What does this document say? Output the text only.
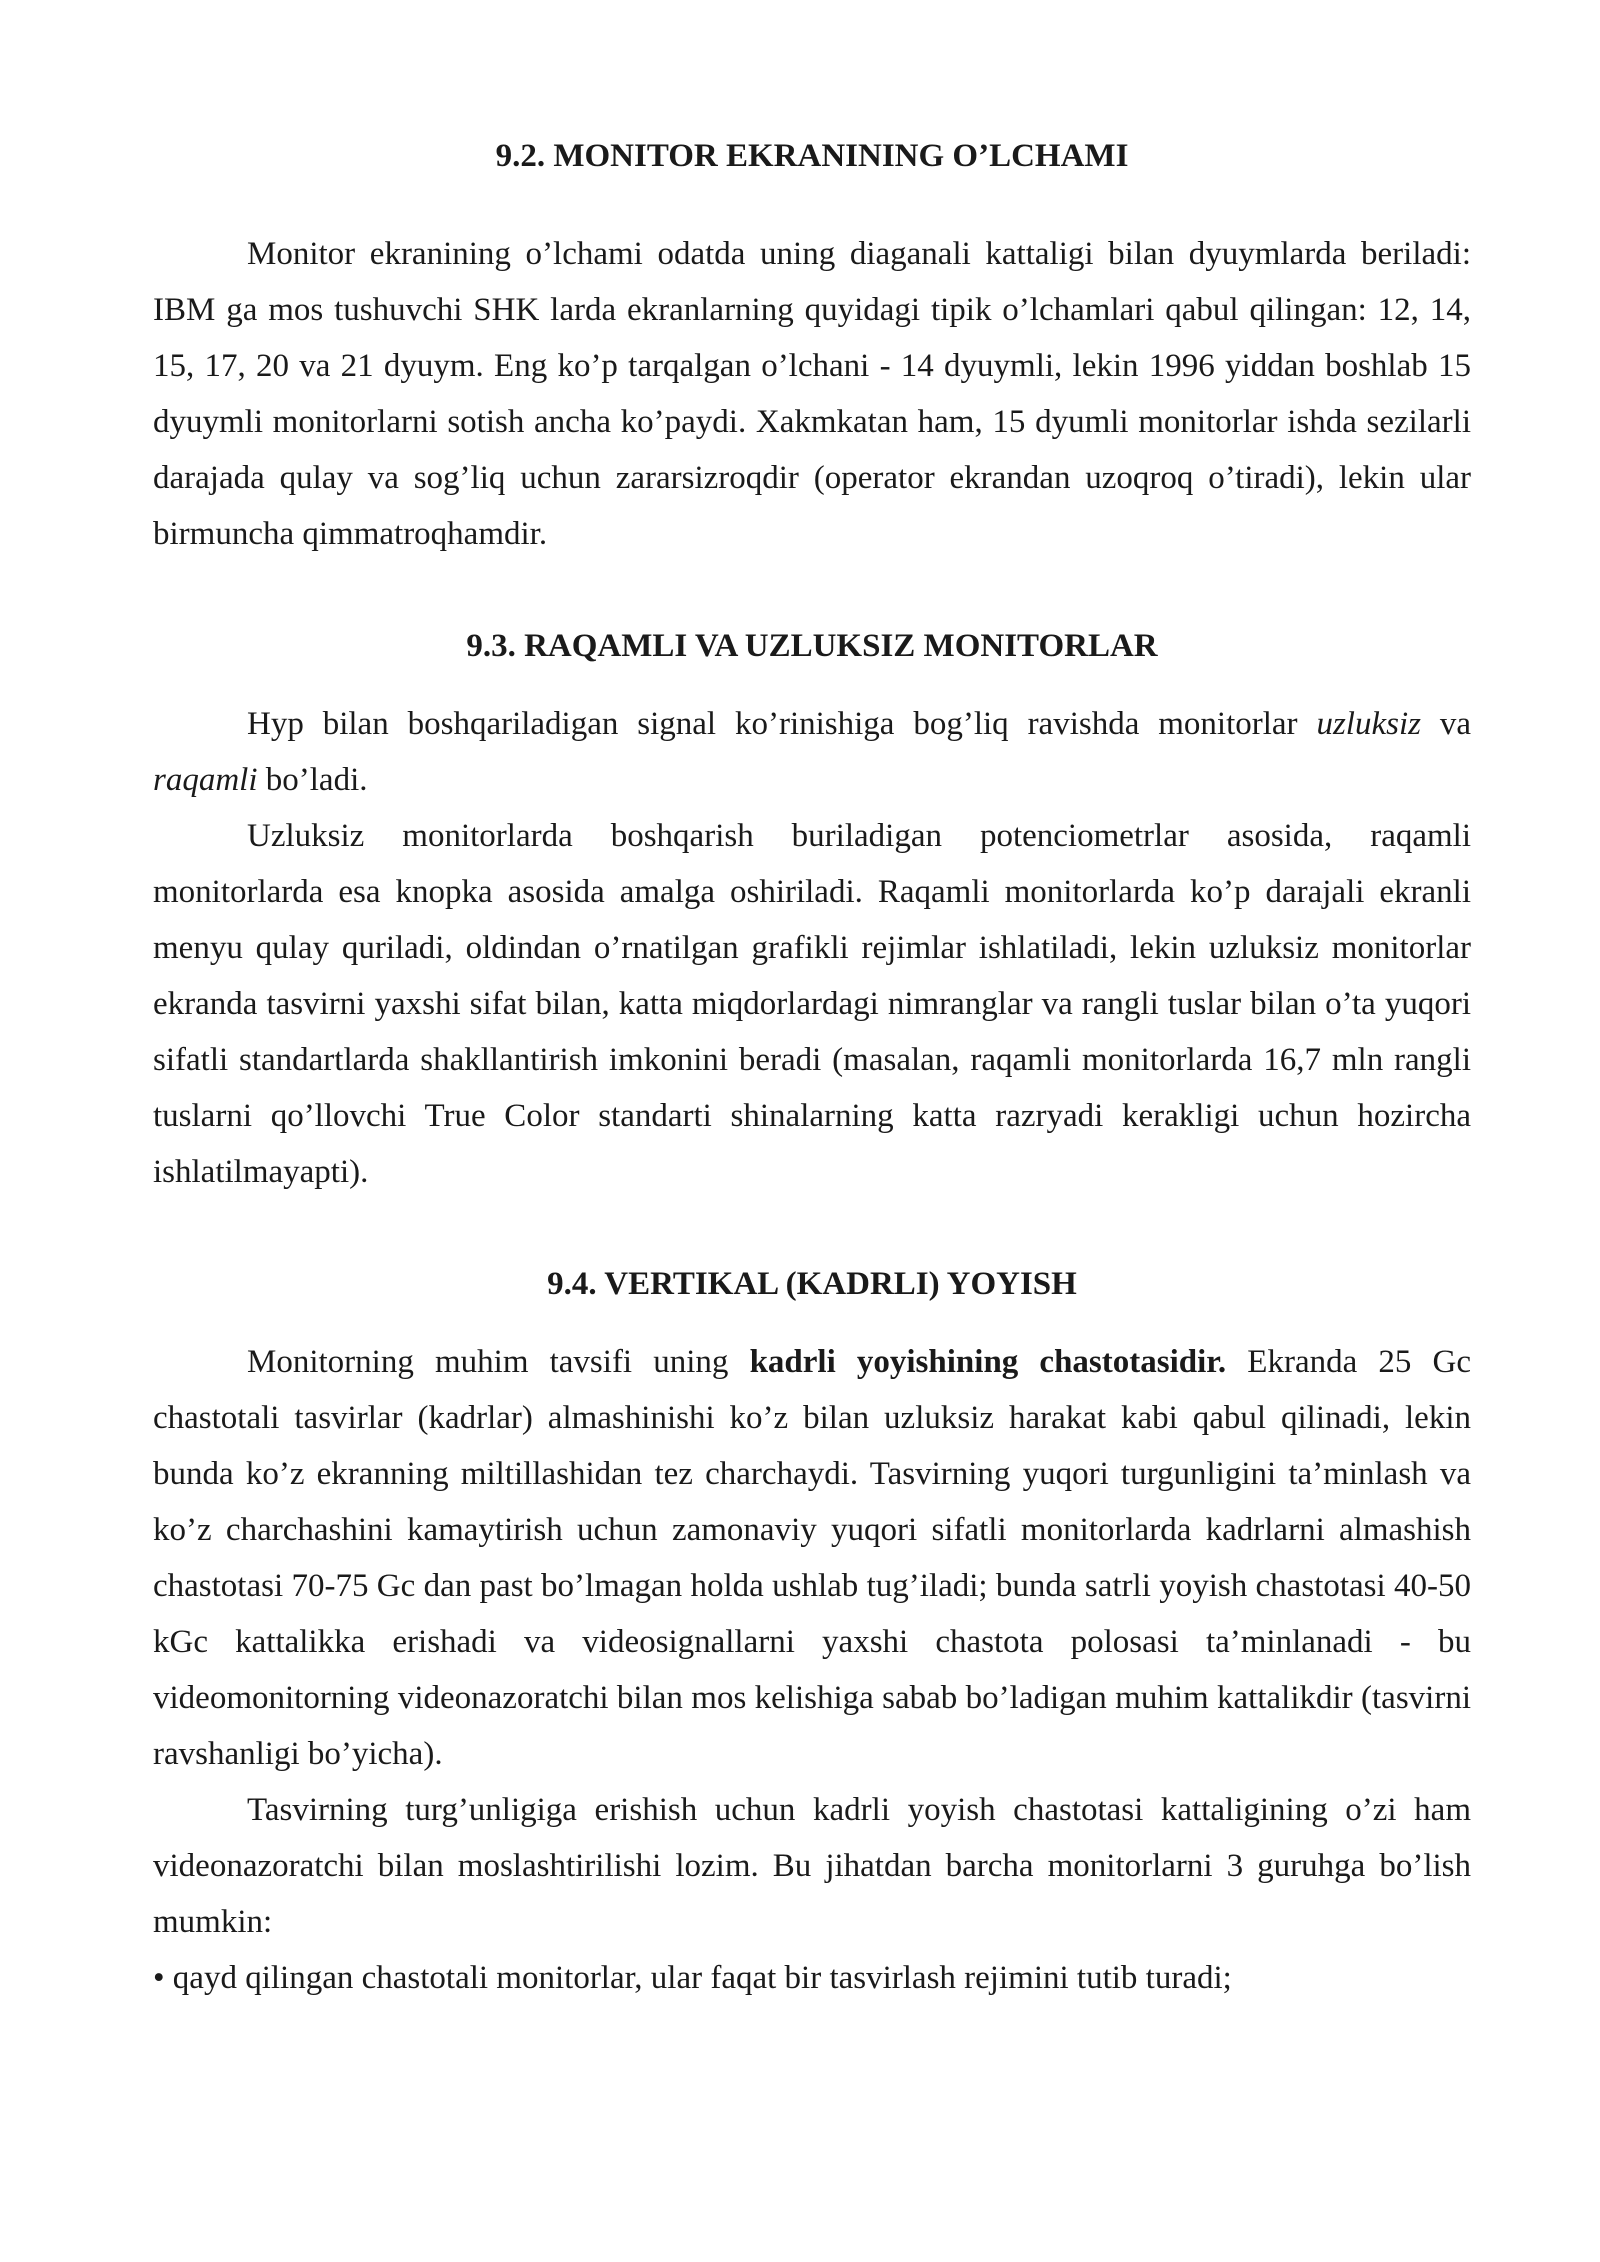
9.2. MONITOR EKRANINING O’LCHAMI

Monitor ekranining o’lchami odatda uning diaganali kattaligi bilan dyuymlarda beriladi: IBM ga mos tushuvchi SHK larda ekranlarning quyidagi tipik o’lchamlari qabul qilingan: 12, 14, 15, 17, 20 va 21 dyuym. Eng ko’p tarqalgan o’lchani - 14 dyuymli, lekin 1996 yiddan boshlab 15 dyuymli monitorlarni sotish ancha ko’paydi. Xakmkatan ham, 15 dyumli monitorlar ishda sezilarli darajada qulay va sog’liq uchun zararsizroqdir (operator ekrandan uzoqroq o’tiradi), lekin ular birmuncha qimmatroqhamdir.

9.3. RAQAMLI VA UZLUKSIZ MONITORLAR

Hyp bilan boshqariladigan signal ko’rinishiga bog’liq ravishda monitorlar uzluksiz va raqamli bo’ladi.

Uzluksiz monitorlarda boshqarish buriladigan potenciometrlar asosida, raqamli monitorlarda esa knopka asosida amalga oshiriladi. Raqamli monitorlarda ko’p darajali ekranli menyu qulay quriladi, oldindan o’rnatilgan grafikli rejimlar ishlatiladi, lekin uzluksiz monitorlar ekranda tasvirni yaxshi sifat bilan, katta miqdorlardagi nimranglar va rangli tuslar bilan o’ta yuqori sifatli standartlarda shakllantirish imkonini beradi (masalan, raqamli monitorlarda 16,7 mln rangli tuslarni qo’llovchi True Color standarti shinalarning katta razryadi kerakligi uchun hozircha ishlatilmayapti).

9.4. VERTIKAL (KADRLI) YOYISH

Monitorning muhim tavsifi uning kadrli yoyishining chastotasidir. Ekranda 25 Gc chastotali tasvirlar (kadrlar) almashinishi ko’z bilan uzluksiz harakat kabi qabul qilinadi, lekin bunda ko’z ekranning miltillashidan tez charchaydi. Tasvirning yuqori turgunligini ta’minlash va ko’z charchashini kamaytirish uchun zamonaviy yuqori sifatli monitorlarda kadrlarni almashish chastotasi 70-75 Gc dan past bo’lmagan holda ushlab tug’iladi; bunda satrli yoyish chastotasi 40-50 kGc kattalikka erishadi va videosignallarni yaxshi chastota polosasi ta’minlanadi - bu videomonitorning videonazoratchi bilan mos kelishiga sabab bo’ladigan muhim kattalikdir (tasvirni ravshanligi bo’yicha).

Tasvirning turg’unligiga erishish uchun kadrli yoyish chastotasi kattaligining o’zi ham videonazoratchi bilan moslashtirilishi lozim. Bu jihatdan barcha monitorlarni 3 guruhga bo’lish mumkin:

• qayd qilingan chastotali monitorlar, ular faqat bir tasvirlash rejimini tutib turadi;
